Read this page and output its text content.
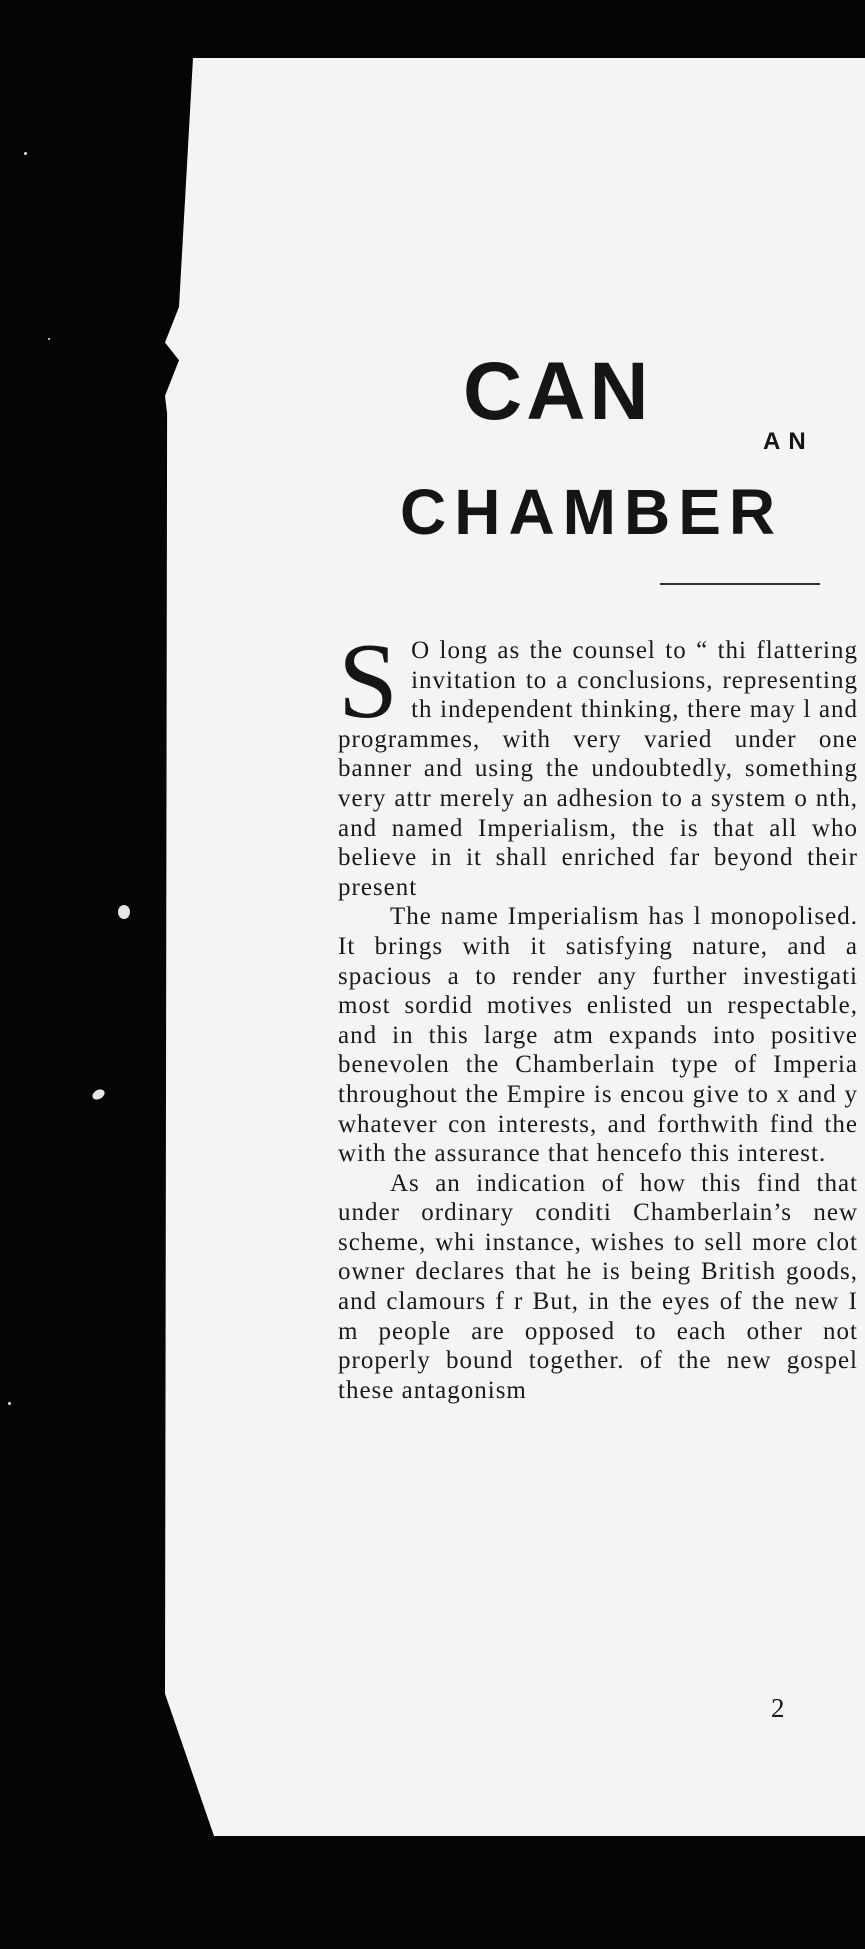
CAN
AN
CHAMBER
S O long as the counsel to “ thi flattering invitation to a conclusions, representing th independent thinking, there may l and programmes, with very varied under one banner and using the undoubtedly, something very attr merely an adhesion to a system o nth, and named Imperialism, the is that all who believe in it shall enriched far beyond their present

The name Imperialism has l monopolised. It brings with it satisfying nature, and a spacious a to render any further investigati most sordid motives enlisted un respectable, and in this large atm expands into positive benevolen the Chamberlain type of Imperia throughout the Empire is encou give to x and y whatever con interests, and forthwith find the with the assurance that hencefo this interest.

As an indication of how this find that under ordinary conditi Chamberlain’s new scheme, whi instance, wishes to sell more clot owner declares that he is being British goods, and clamours f r But, in the eyes of the new I m people are opposed to each other not properly bound together. of the new gospel these antagonism

2
